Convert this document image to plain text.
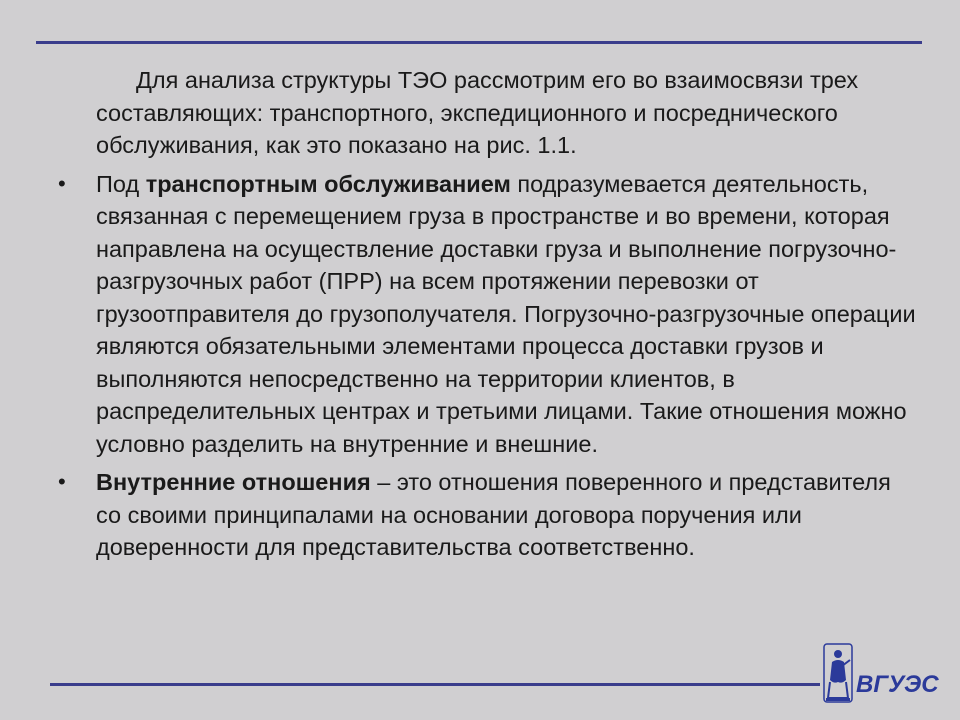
Для анализа структуры ТЭО рассмотрим его во взаимосвязи трех составляющих: транспортного, экспедиционного и посреднического обслуживания, как это показано на рис. 1.1.

• Под транспортным обслуживанием подразумевается деятельность, связанная с перемещением груза в пространстве и во времени, которая направлена на осуществление доставки груза и выполнение погрузочно-разгрузочных работ (ПРР) на всем протяжении перевозки от грузоотправителя до грузополучателя. Погрузочно-разгрузочные операции являются обязательными элементами процесса доставки грузов и выполняются непосредственно на территории клиентов, в распределительных центрах и третьими лицами. Такие отношения можно условно разделить на внутренние и внешние.

• Внутренние отношения – это отношения поверенного и представителя со своими принципалами на основании договора поручения или доверенности для представительства соответственно.

ВГУЭС
